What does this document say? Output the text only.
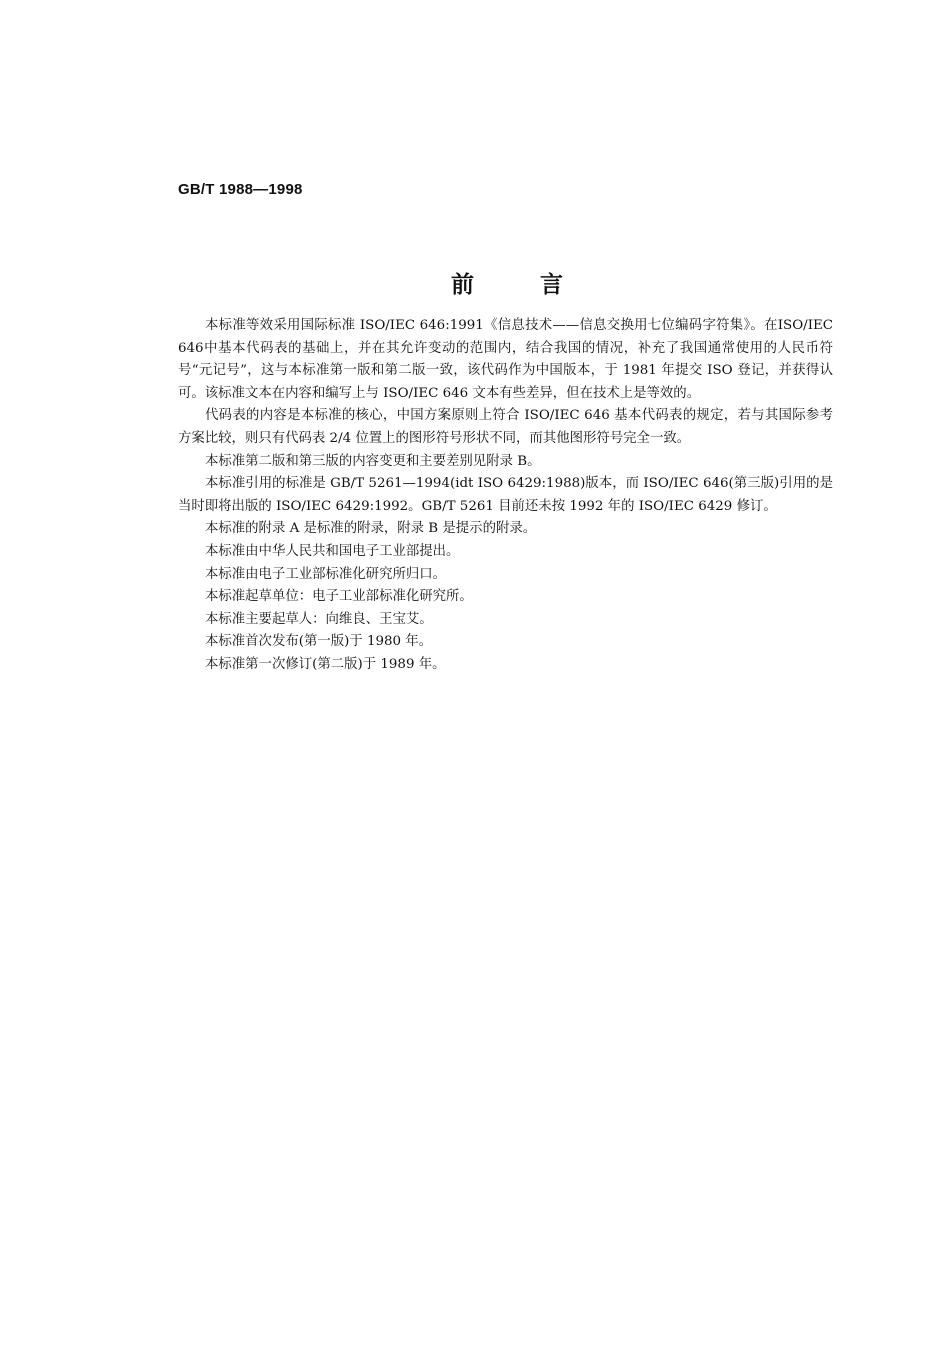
GB/T 1988—1998
前	言

本标准等效采用国际标准 ISO/IEC 646:1991《信息技术——信息交换用七位编码字符集》。在ISO/IEC 646中基本代码表的基础上，并在其允许变动的范围内，结合我国的情况，补充了我国通常使用的人民币符号“元记号”，这与本标准第一版和第二版一致，该代码作为中国版本，于 1981 年提交 ISO 登记，并获得认可。该标准文本在内容和编写上与 ISO/IEC 646 文本有些差异，但在技术上是等效的。

代码表的内容是本标准的核心，中国方案原则上符合 ISO/IEC 646 基本代码表的规定，若与其国际参考方案比较，则只有代码表 2/4 位置上的图形符号形状不同，而其他图形符号完全一致。

本标准第二版和第三版的内容变更和主要差别见附录 B。

本标准引用的标准是 GB/T 5261—1994(idt ISO 6429:1988)版本，而 ISO/IEC 646(第三版)引用的是当时即将出版的 ISO/IEC 6429:1992。GB/T 5261 目前还未按 1992 年的 ISO/IEC 6429 修订。

本标准的附录 A 是标准的附录，附录 B 是提示的附录。

本标准由中华人民共和国电子工业部提出。

本标准由电子工业部标准化研究所归口。

本标准起草单位：电子工业部标准化研究所。

本标准主要起草人：向维良、王宝艾。

本标准首次发布(第一版)于 1980 年。

本标准第一次修订(第二版)于 1989 年。
